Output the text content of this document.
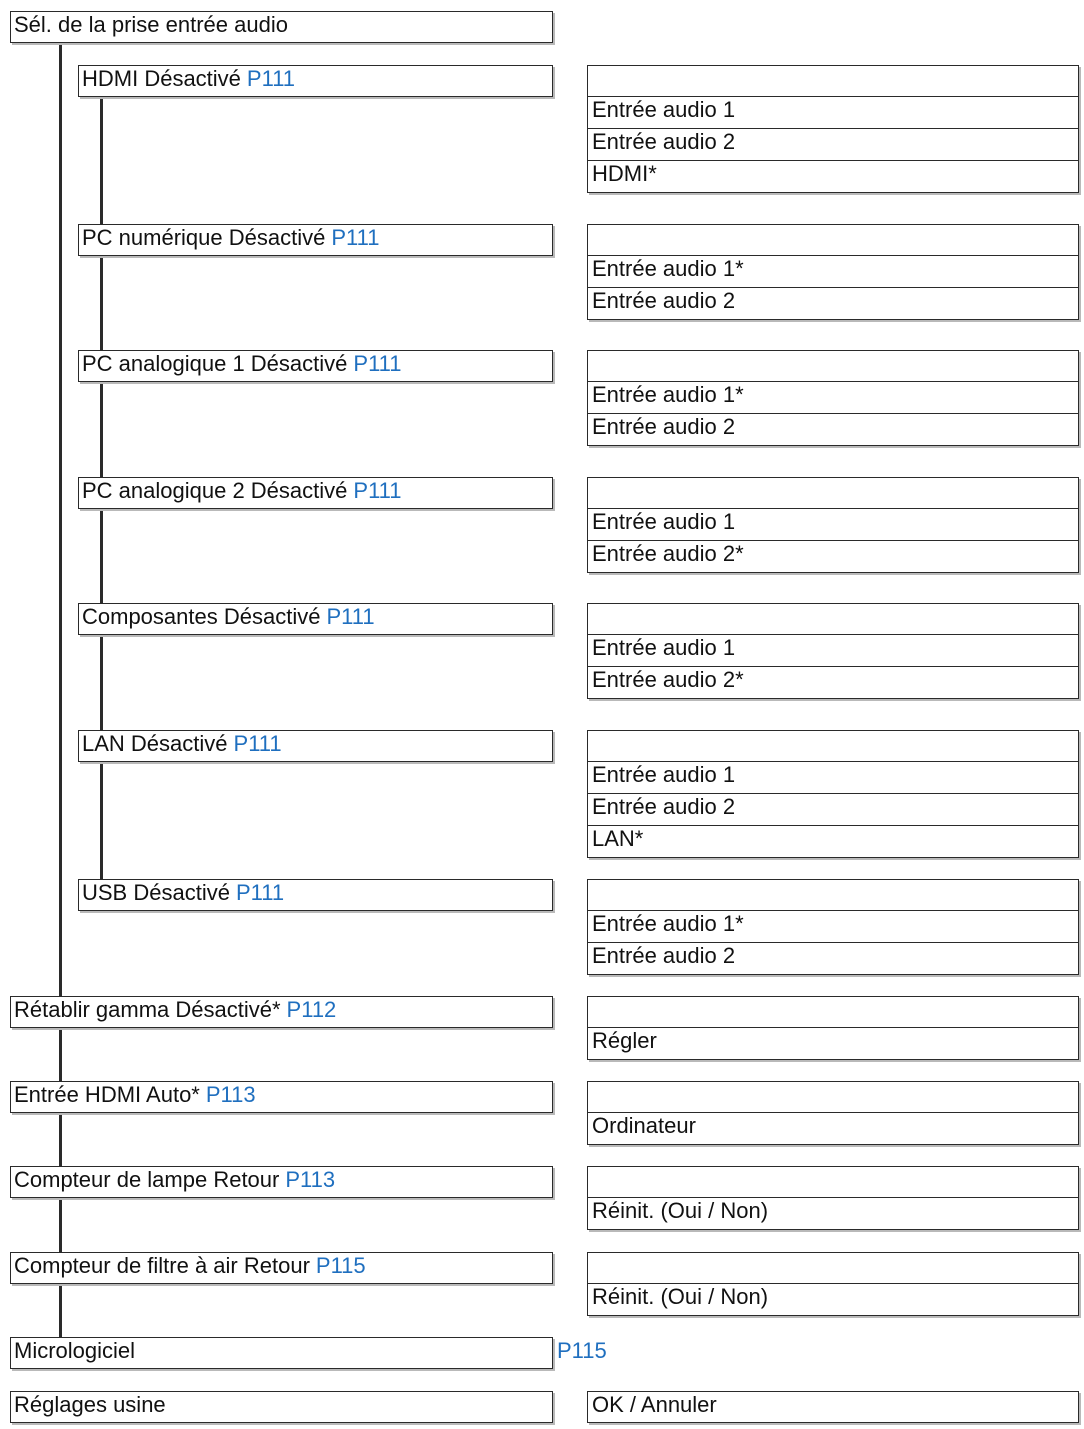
Sél. de la prise entrée audio
HDMI Désactivé P111
PC numérique Désactivé P111
PC analogique 1 Désactivé P111
PC analogique 2 Désactivé P111
Composantes Désactivé P111
LAN Désactivé P111
USB Désactivé P111
Rétablir gamma Désactivé* P112
Entrée HDMI Auto* P113
Compteur de lampe Retour P113
Compteur de filtre à air Retour P115
Micrologiciel	P115
Réglages usine
Entrée audio 1
Entrée audio 2
HDMI*
Entrée audio 1*
Entrée audio 2
Entrée audio 1*
Entrée audio 2
Entrée audio 1
Entrée audio 2*
Entrée audio 1
Entrée audio 2*
Entrée audio 1
Entrée audio 2
LAN*
Entrée audio 1*
Entrée audio 2
Régler
Ordinateur
Réinit. (Oui / Non)
Réinit. (Oui / Non)
OK / Annuler
